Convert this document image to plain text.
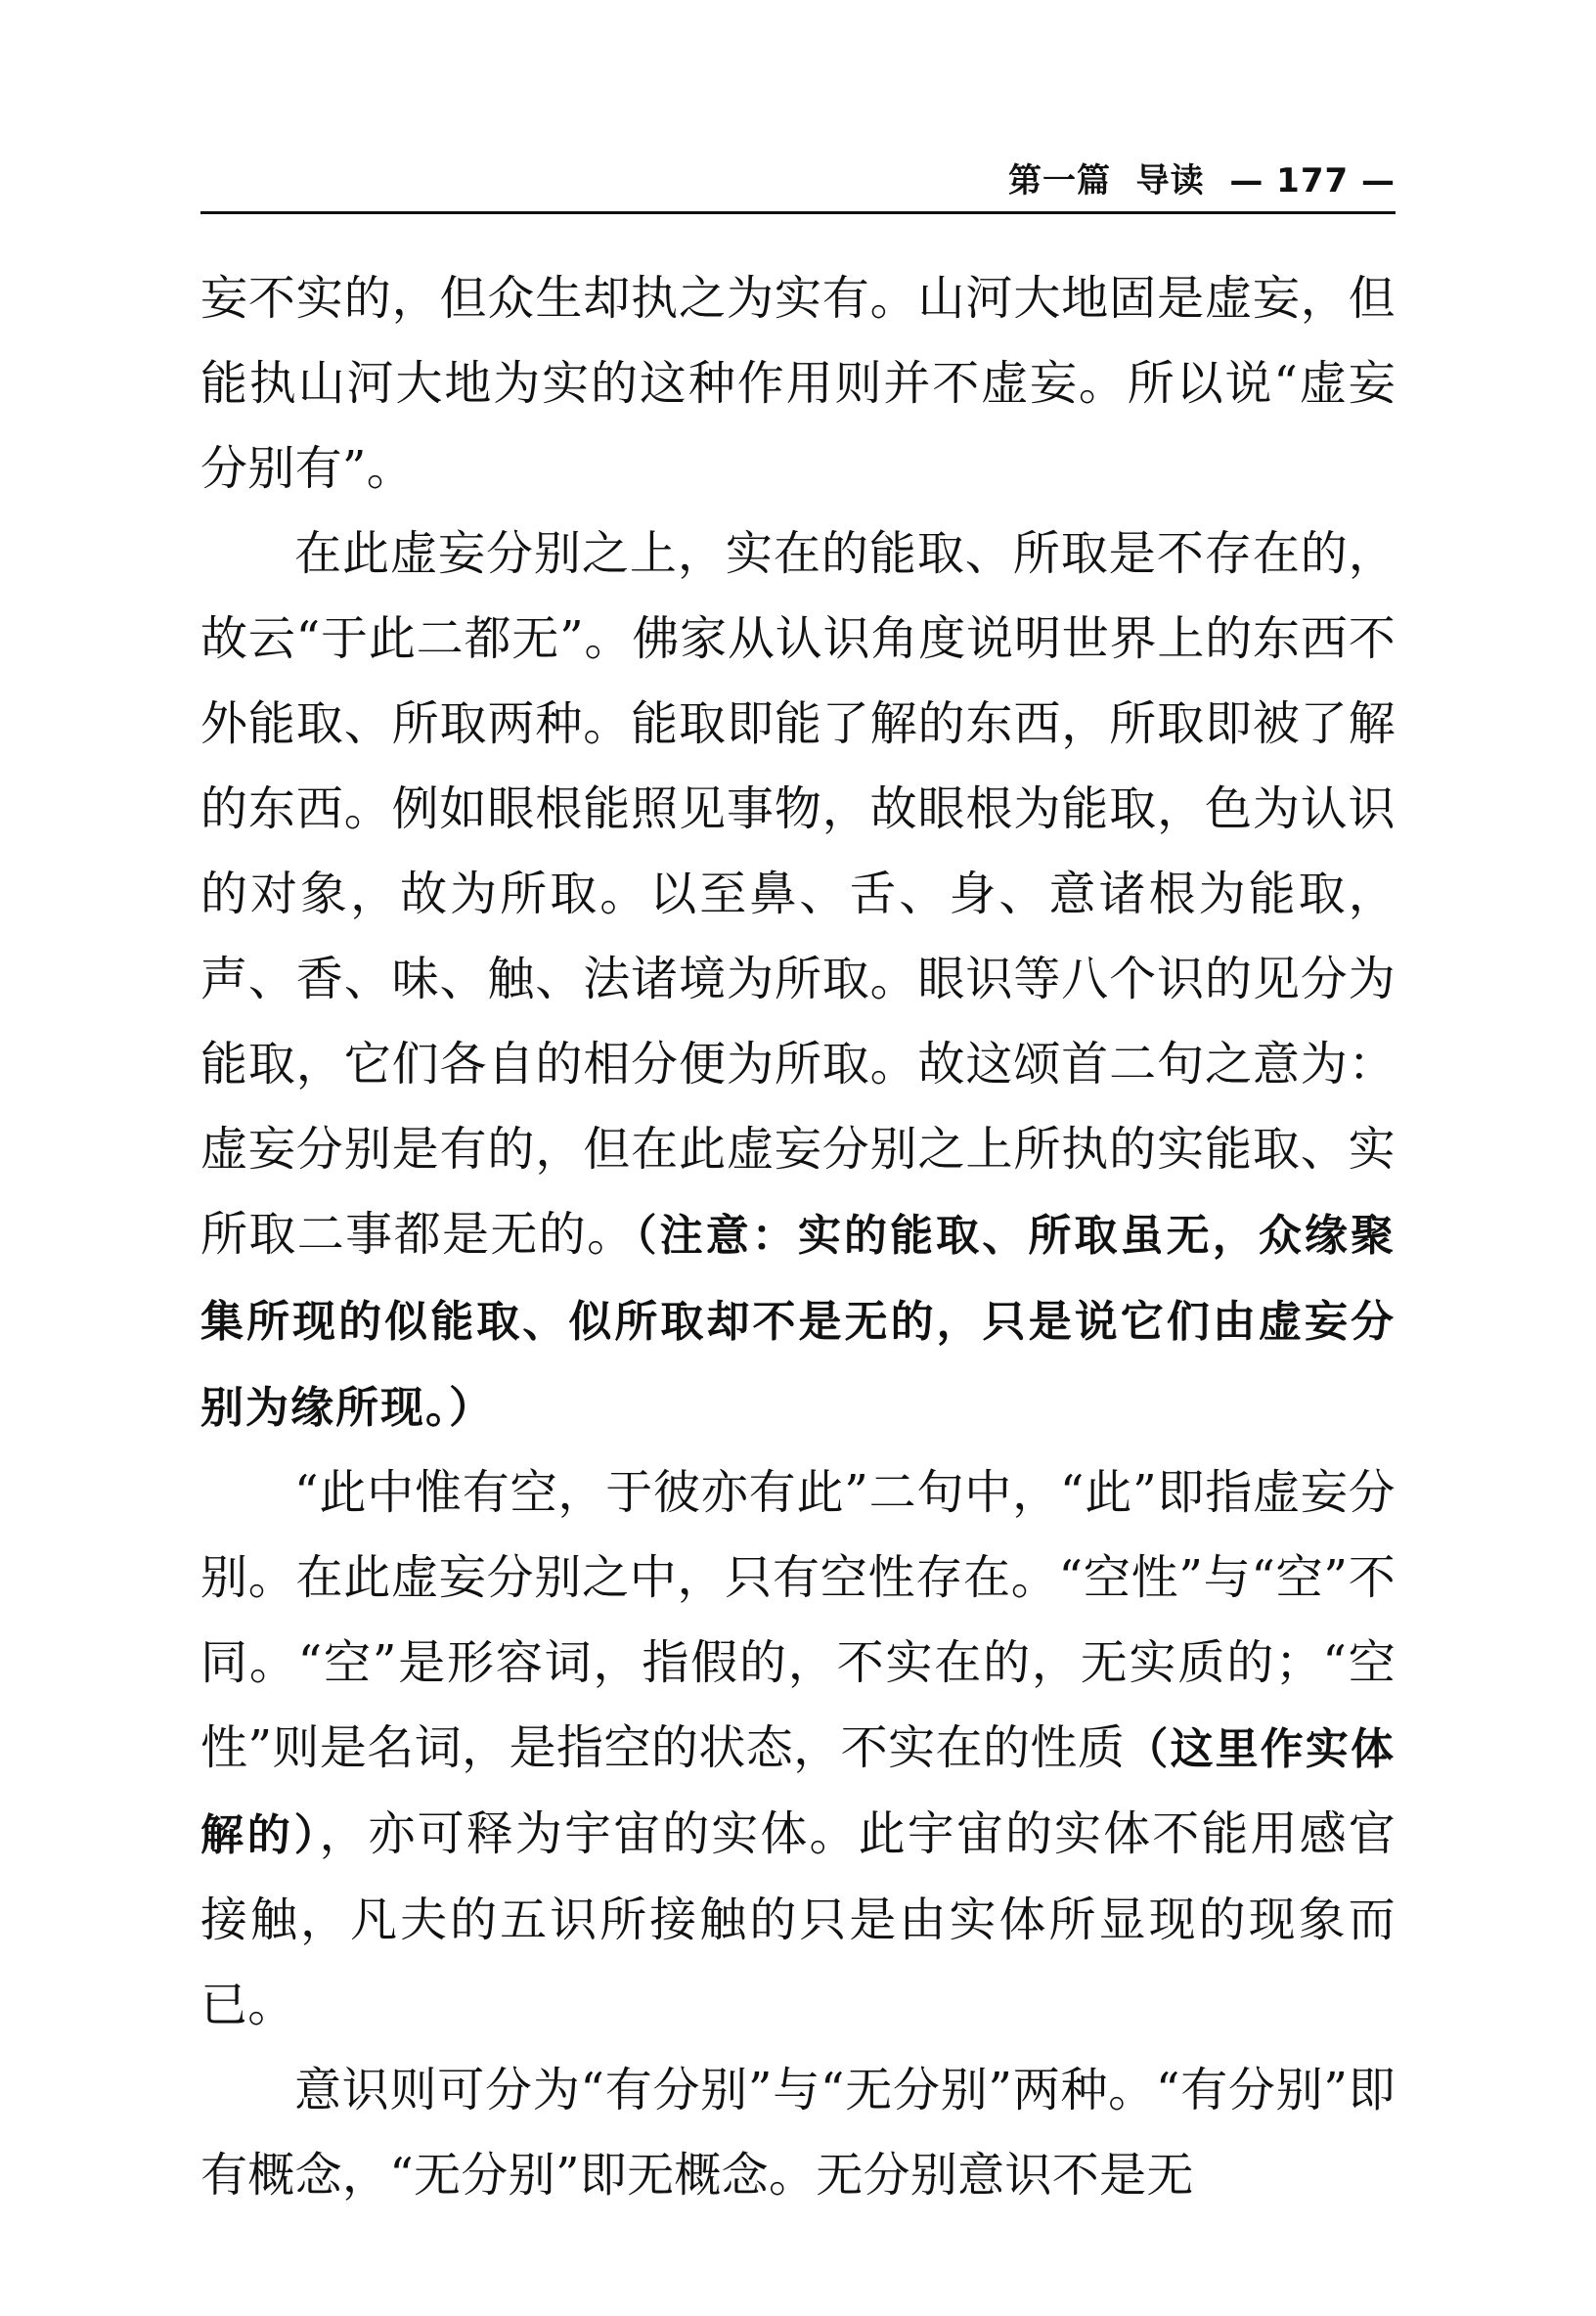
第一篇  导读  — 177 —

妄不实的，但众生却执之为实有。山河大地固是虚妄，但能执山河大地为实的这种作用则并不虚妄。所以说“虚妄分别有”。

在此虚妄分别之上，实在的能取、所取是不存在的，故云“于此二都无”。佛家从认识角度说明世界上的东西不外能取、所取两种。能取即能了解的东西，所取即被了解的东西。例如眼根能照见事物，故眼根为能取，色为认识的对象，故为所取。以至鼻、舌、身、意诸根为能取，声、香、味、触、法诸境为所取。眼识等八个识的见分为能取，它们各自的相分便为所取。故这颂首二句之意为：虚妄分别是有的，但在此虚妄分别之上所执的实能取、实所取二事都是无的。（注意：实的能取、所取虽无，众缘聚集所现的似能取、似所取却不是无的，只是说它们由虚妄分别为缘所现。）

“此中惟有空，于彼亦有此”二句中，“此”即指虚妄分别。在此虚妄分别之中，只有空性存在。“空性”与“空”不同。“空”是形容词，指假的，不实在的，无实质的；“空性”则是名词，是指空的状态，不实在的性质（这里作实体解的），亦可释为宇宙的实体。此宇宙的实体不能用感官接触，凡夫的五识所接触的只是由实体所显现的现象而已。

意识则可分为“有分别”与“无分别”两种。“有分别”即有概念，“无分别”即无概念。无分别意识不是无
